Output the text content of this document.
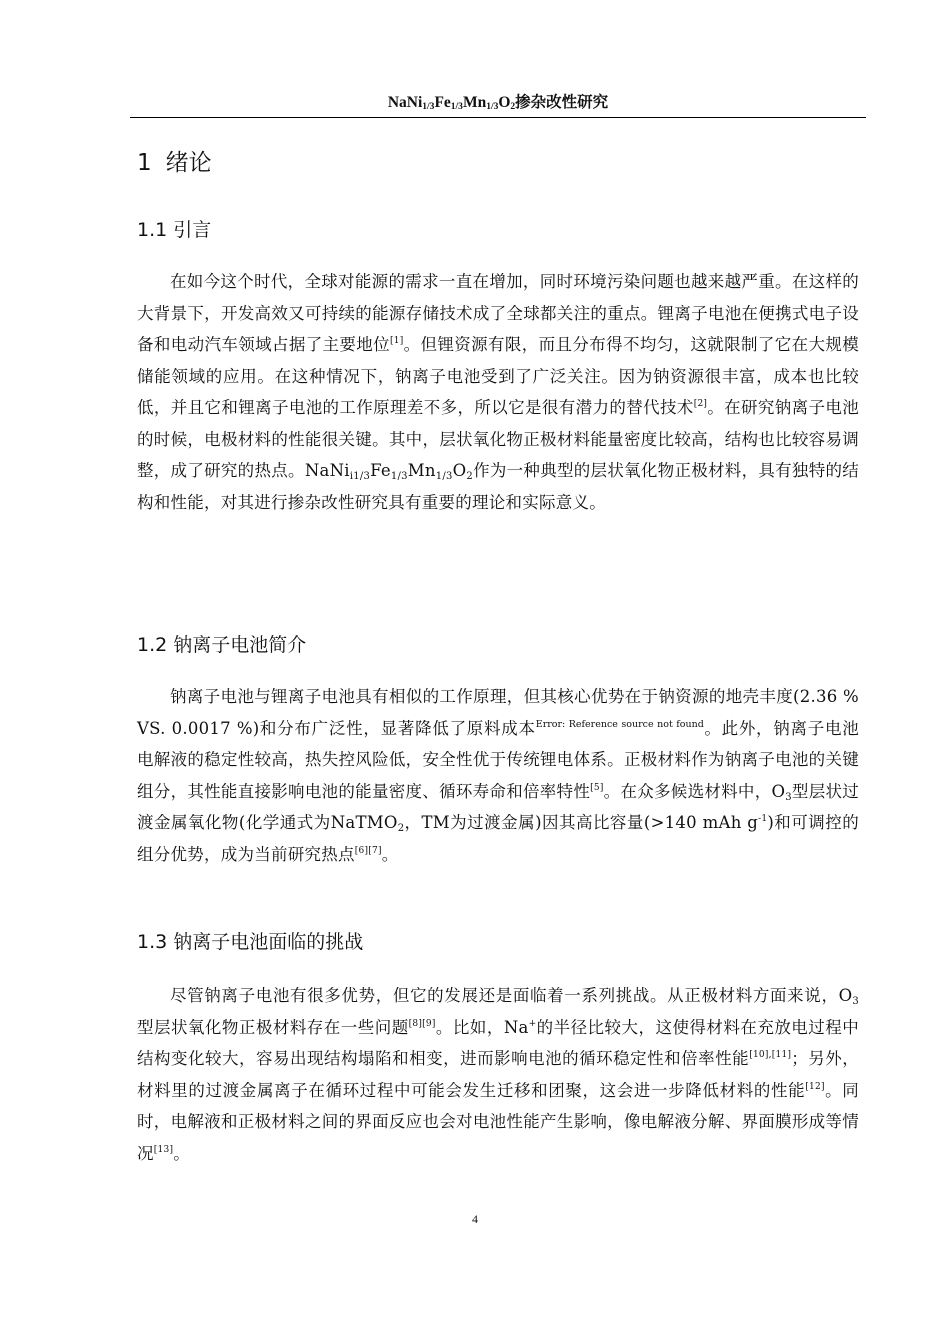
$NaNi_{1/3}Fe_{1/3}Mn_{1/3}O_2$掺杂改性研究
1 绪论
1.1 引言
在如今这个时代，全球对能源的需求一直在增加，同时环境污染问题也越来越严重。在这样的大背景下，开发高效又可持续的能源存储技术成了全球都关注的重点。锂离子电池在便携式电子设备和电动汽车领域占据了主要地位[1]。但锂资源有限，而且分布得不均匀，这就限制了它在大规模储能领域的应用。在这种情况下，钠离子电池受到了广泛关注。因为钠资源很丰富，成本也比较低，并且它和锂离子电池的工作原理差不多，所以它是很有潜力的替代技术[2]。在研究钠离子电池的时候，电极材料的性能很关键。其中，层状氧化物正极材料能量密度比较高，结构也比较容易调整，成了研究的热点。$NaNi_{i1/3}Fe_{1/3}Mn_{1/3}O_2$作为一种典型的层状氧化物正极材料，具有独特的结构和性能，对其进行掺杂改性研究具有重要的理论和实际意义。
1.2 钠离子电池简介
钠离子电池与锂离子电池具有相似的工作原理，但其核心优势在于钠资源的地壳丰度(2.36 % VS. 0.0017 %)和分布广泛性，显著降低了原料成本$^{Error: Reference source not found}$。此外，钠离子电池电解液的稳定性较高，热失控风险低，安全性优于传统锂电体系。正极材料作为钠离子电池的关键组分，其性能直接影响电池的能量密度、循环寿命和倍率特性[5]。在众多候选材料中，$O_3$型层状过渡金属氧化物(化学通式为NaTMO$_2$，TM为过渡金属)因其高比容量(>140 mAh $g^{-1}$)和可调控的组分优势，成为当前研究热点[6][7]。
1.3 钠离子电池面临的挑战
尽管钠离子电池有很多优势，但它的发展还是面临着一系列挑战。从正极材料方面来说，$O_3$型层状氧化物正极材料存在一些问题[8][9]。比如，Na+的半径比较大，这使得材料在充放电过程中结构变化较大，容易出现结构塌陷和相变，进而影响电池的循环稳定性和倍率性能[10],[11]；另外，材料里的过渡金属离子在循环过程中可能会发生迁移和团聚，这会进一步降低材料的性能[12]。同时，电解液和正极材料之间的界面反应也会对电池性能产生影响，像电解液分解、界面膜形成等情况[13]。
4
